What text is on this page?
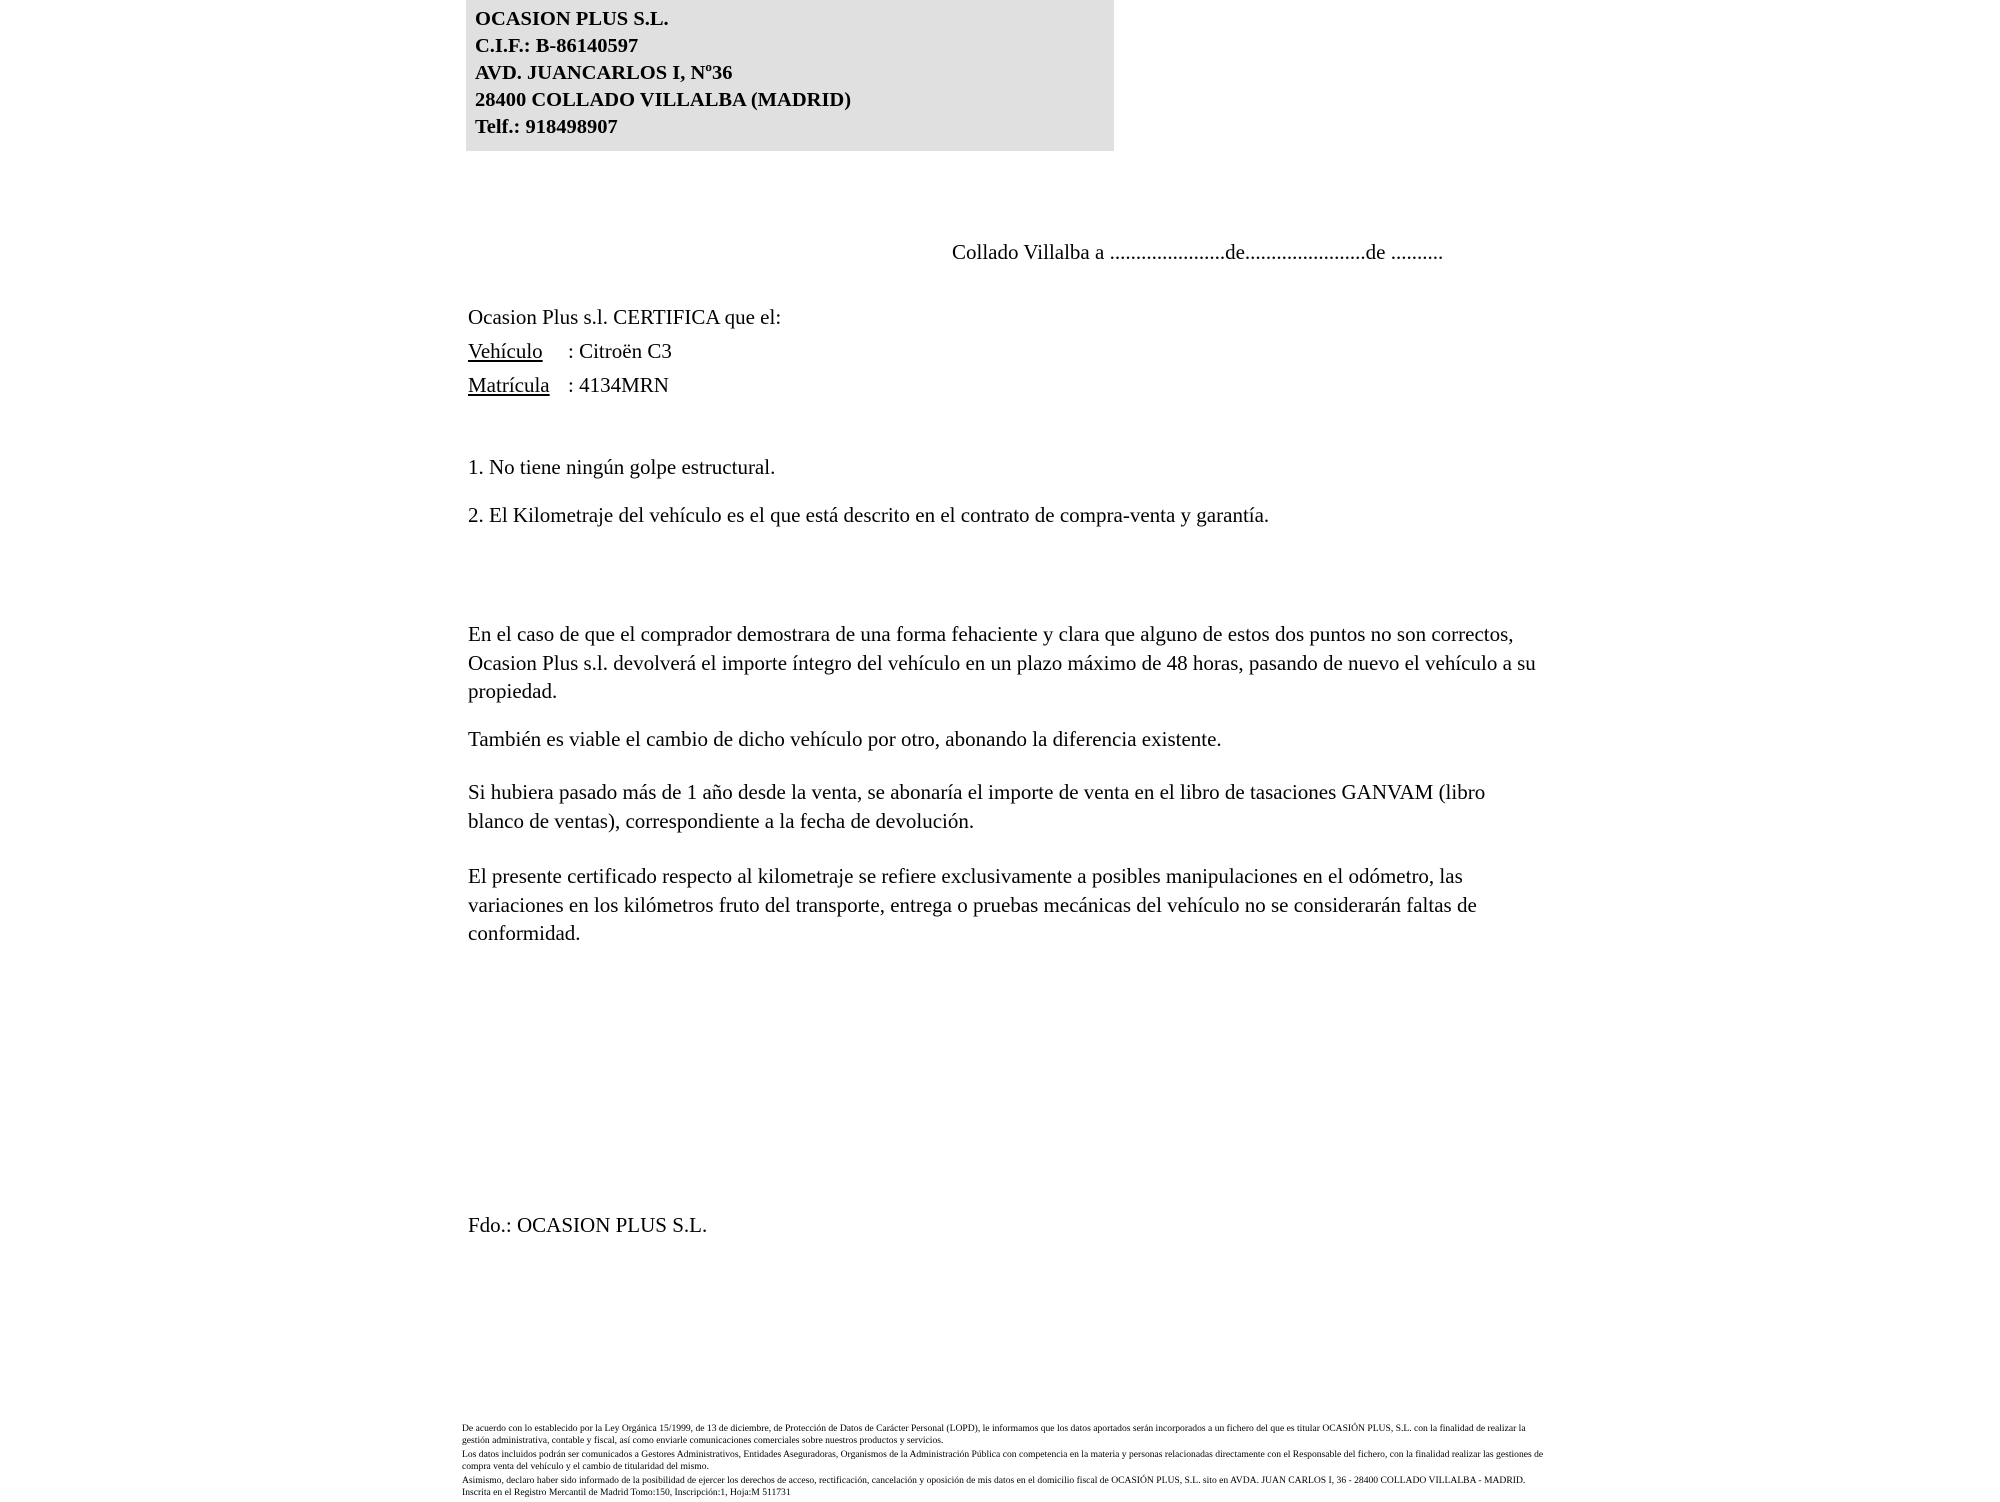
OCASION PLUS S.L.
C.I.F.: B-86140597
AVD. JUANCARLOS I, Nº36
28400 COLLADO VILLALBA (MADRID)
Telf.: 918498907
Collado Villalba a ......................de.......................de ..........
Ocasion Plus s.l. CERTIFICA que el:
Vehículo : Citroën C3
Matrícula : 4134MRN
1. No tiene ningún golpe estructural.
2. El Kilometraje del vehículo es el que está descrito en el contrato de compra-venta y garantía.
En el caso de que el comprador demostrara de una forma fehaciente y clara que alguno de estos dos puntos no son correctos, Ocasion Plus s.l. devolverá el importe íntegro del vehículo en un plazo máximo de 48 horas, pasando de nuevo el vehículo a su propiedad.
También es viable el cambio de dicho vehículo por otro, abonando la diferencia existente.
Si hubiera pasado más de 1 año desde la venta, se abonaría el importe de venta en el libro de tasaciones GANVAM (libro blanco de ventas), correspondiente a la fecha de devolución.
El presente certificado respecto al kilometraje se refiere exclusivamente a posibles manipulaciones en el odómetro, las variaciones en los kilómetros fruto del transporte, entrega o pruebas mecánicas del vehículo no se considerarán faltas de conformidad.
Fdo.: OCASION PLUS S.L.

De acuerdo con lo establecido por la Ley Orgánica 15/1999, de 13 de diciembre, de Protección de Datos de Carácter Personal (LOPD), le informamos que los datos aportados serán incorporados a un fichero del que es titular OCASIÓN PLUS, S.L. con la finalidad de realizar la gestión administrativa, contable y fiscal, así como enviarle comunicaciones comerciales sobre nuestros productos y servicios.

Los datos incluidos podrán ser comunicados a Gestores Administrativos, Entidades Aseguradoras, Organismos de la Administración Pública con competencia en la materia y personas relacionadas directamente con el Responsable del fichero, con la finalidad realizar las gestiones de compra venta del vehículo y el cambio de titularidad del mismo.

Asimismo, declaro haber sido informado de la posibilidad de ejercer los derechos de acceso, rectificación, cancelación y oposición de mis datos en el domicilio fiscal de OCASIÓN PLUS, S.L. sito en AVDA. JUAN CARLOS I, 36 - 28400 COLLADO VILLALBA - MADRID. Inscrita en el Registro Mercantil de Madrid Tomo:150, Inscripción:1, Hoja:M 511731
